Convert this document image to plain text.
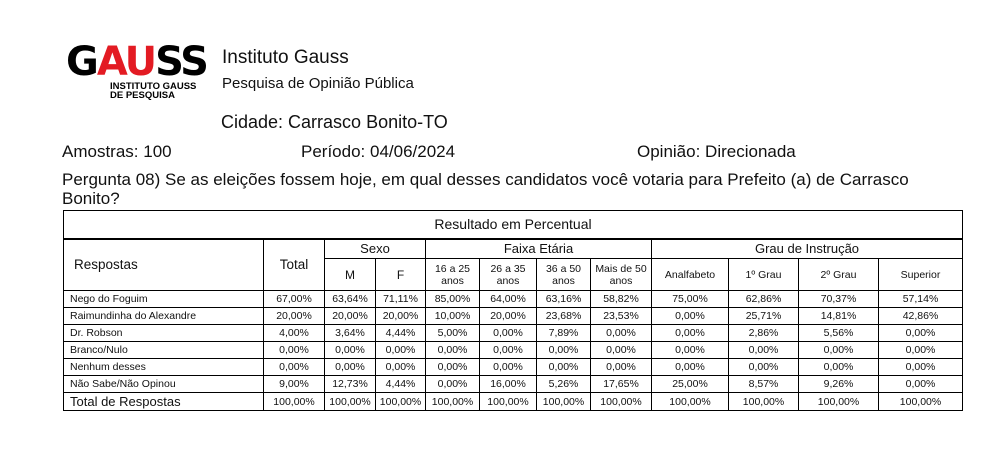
GAUSS
INSTITUTO GAUSS
DE PESQUISA
Instituto Gauss
Pesquisa de Opinião Pública
Cidade: Carrasco Bonito-TO
Amostras: 100	Período: 04/06/2024	Opinião: Direcionada
Pergunta 08) Se as eleições fossem hoje, em qual desses candidatos você votaria para Prefeito (a) de Carrasco Bonito?
Resultado em Percentual											
Respostas	Total	Sexo		Faixa Etária				Grau de Instrução			
		M	F	16 a 25 anos	26 a 35 anos	36 a 50 anos	Mais de 50 anos	Analfabeto	1º Grau	2º Grau	Superior
Nego do Foguim	67,00%	63,64%	71,11%	85,00%	64,00%	63,16%	58,82%	75,00%	62,86%	70,37%	57,14%
Raimundinha do Alexandre	20,00%	20,00%	20,00%	10,00%	20,00%	23,68%	23,53%	0,00%	25,71%	14,81%	42,86%
Dr. Robson	4,00%	3,64%	4,44%	5,00%	0,00%	7,89%	0,00%	0,00%	2,86%	5,56%	0,00%
Branco/Nulo	0,00%	0,00%	0,00%	0,00%	0,00%	0,00%	0,00%	0,00%	0,00%	0,00%	0,00%
Nenhum desses	0,00%	0,00%	0,00%	0,00%	0,00%	0,00%	0,00%	0,00%	0,00%	0,00%	0,00%
Não Sabe/Não Opinou	9,00%	12,73%	4,44%	0,00%	16,00%	5,26%	17,65%	25,00%	8,57%	9,26%	0,00%
Total de Respostas	100,00%	100,00%	100,00%	100,00%	100,00%	100,00%	100,00%	100,00%	100,00%	100,00%	100,00%
